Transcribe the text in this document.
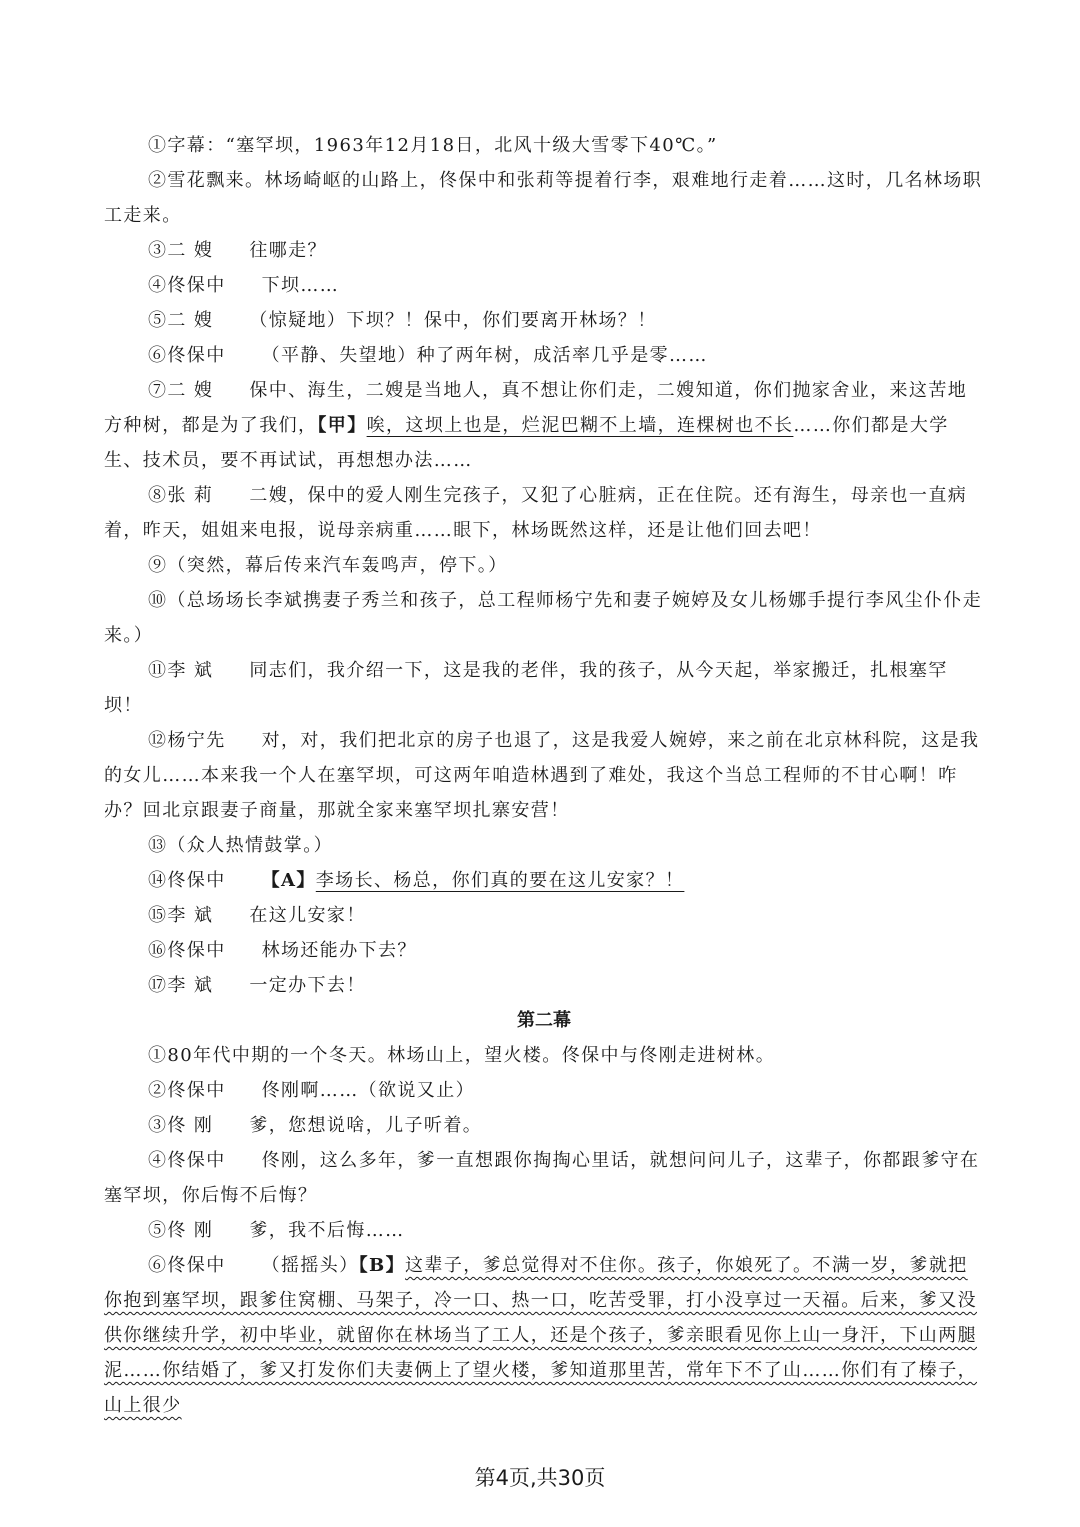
①字幕：“塞罕坝，1963年12月18日，北风十级大雪零下40℃。”

②雪花飘来。林场崎岖的山路上，佟保中和张莉等提着行李，艰难地行走着……这时，几名林场职工走来。

③二 嫂 往哪走？

④佟保中 下坝……

⑤二 嫂 （惊疑地）下坝？！保中，你们要离开林场？！

⑥佟保中 （平静、失望地）种了两年树，成活率几乎是零……

⑦二 嫂 保中、海生，二嫂是当地人，真不想让你们走，二嫂知道，你们抛家舍业，来这苦地方种树，都是为了我们，【甲】唉，这坝上也是，烂泥巴糊不上墙，连棵树也不长……你们都是大学生、技术员，要不再试试，再想想办法……

⑧张 莉 二嫂，保中的爱人刚生完孩子，又犯了心脏病，正在住院。还有海生，母亲也一直病着，昨天，姐姐来电报，说母亲病重……眼下，林场既然这样，还是让他们回去吧！

⑨（突然，幕后传来汽车轰鸣声，停下。）

⑩（总场场长李斌携妻子秀兰和孩子，总工程师杨宁先和妻子婉婷及女儿杨娜手提行李风尘仆仆走来。）

⑪李 斌 同志们，我介绍一下，这是我的老伴，我的孩子，从今天起，举家搬迁，扎根塞罕坝！

⑫杨宁先 对，对，我们把北京的房子也退了，这是我爱人婉婷，来之前在北京林科院，这是我的女儿……本来我一个人在塞罕坝，可这两年咱造林遇到了难处，我这个当总工程师的不甘心啊！咋办？回北京跟妻子商量，那就全家来塞罕坝扎寨安营！

⑬（众人热情鼓掌。）

⑭佟保中 【A】李场长、杨总，你们真的要在这儿安家？！

⑮李 斌 在这儿安家！

⑯佟保中 林场还能办下去？

⑰李 斌 一定办下去！

第二幕

①80年代中期的一个冬天。林场山上，望火楼。佟保中与佟刚走进树林。

②佟保中 佟刚啊……（欲说又止）

③佟 刚 爹，您想说啥，儿子听着。

④佟保中 佟刚，这么多年，爹一直想跟你掏掏心里话，就想问问儿子，这辈子，你都跟爹守在塞罕坝，你后悔不后悔？

⑤佟 刚 爹，我不后悔……

⑥佟保中 （摇摇头）【B】这辈子，爹总觉得对不住你。孩子，你娘死了。不满一岁，爹就把你抱到塞罕坝，跟爹住窝棚、马架子，冷一口、热一口，吃苦受罪，打小没享过一天福。后来，爹又没供你继续升学，初中毕业，就留你在林场当了工人，还是个孩子，爹亲眼看见你上山一身汗，下山两腿泥……你结婚了，爹又打发你们夫妻俩上了望火楼，爹知道那里苦，常年下不了山……你们有了榛子，山上很少

第4页,共30页
